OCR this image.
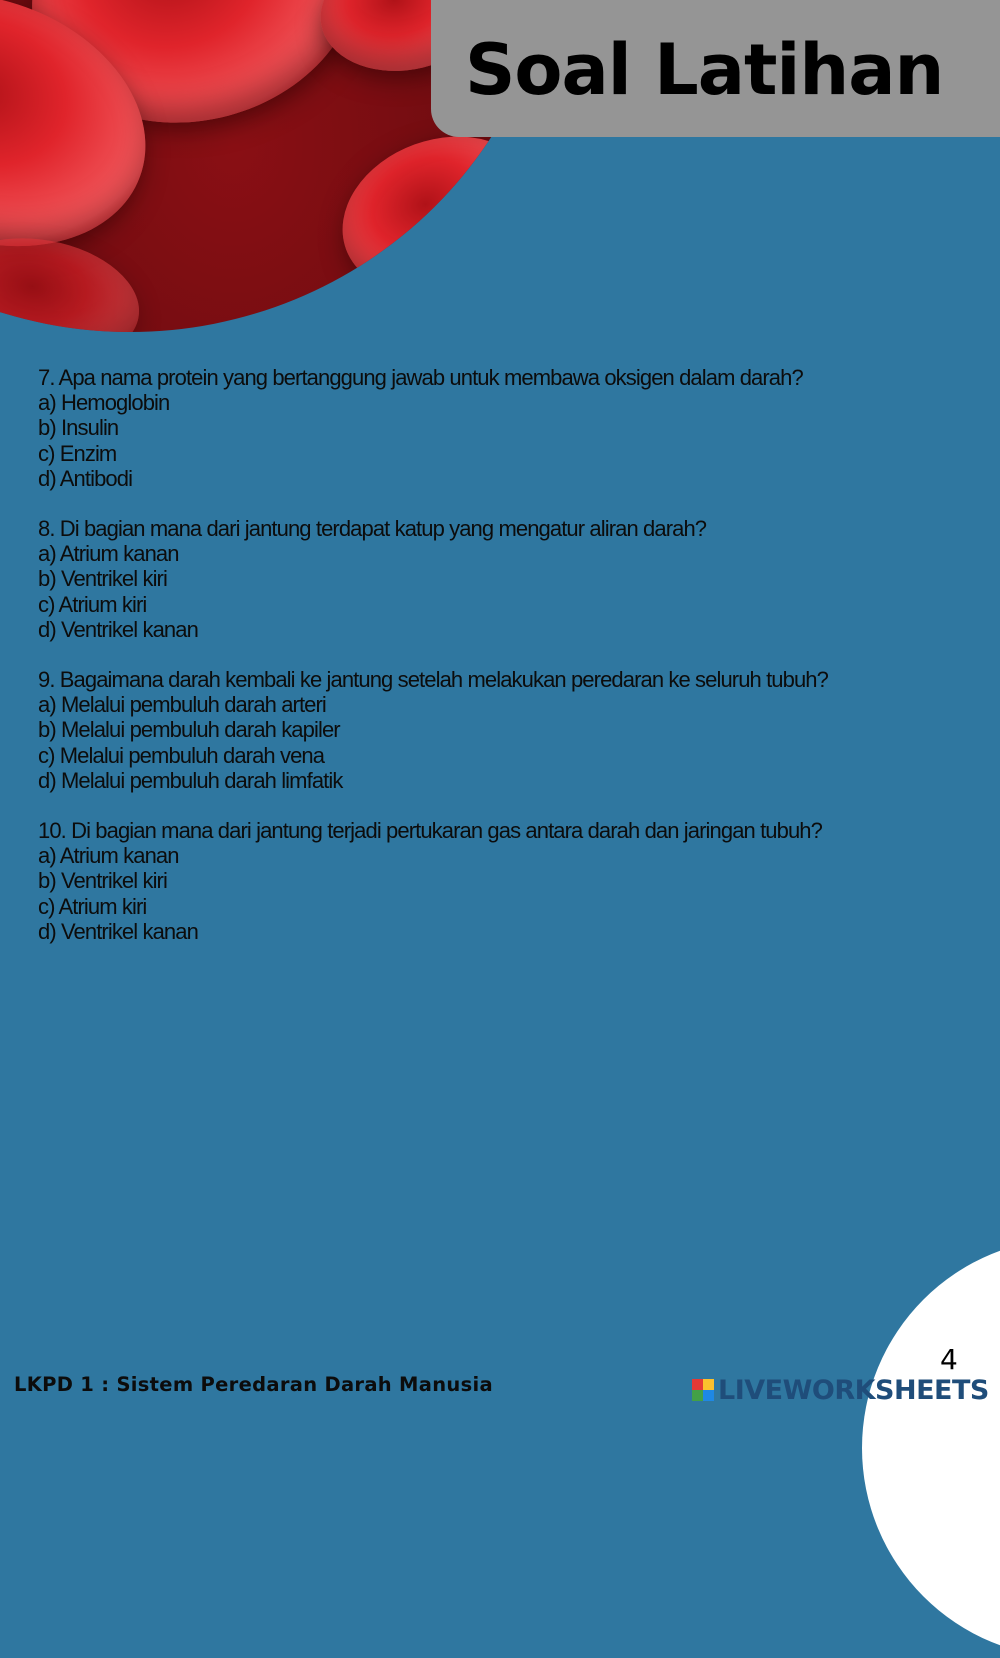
Soal Latihan
7. Apa nama protein yang bertanggung jawab untuk membawa oksigen dalam darah?
a) Hemoglobin
b) Insulin
c) Enzim
d) Antibodi
8. Di bagian mana dari jantung terdapat katup yang mengatur aliran darah?
a) Atrium kanan
b) Ventrikel kiri
c) Atrium kiri
d) Ventrikel kanan
9. Bagaimana darah kembali ke jantung setelah melakukan peredaran ke seluruh tubuh?
a) Melalui pembuluh darah arteri
b) Melalui pembuluh darah kapiler
c) Melalui pembuluh darah vena
d) Melalui pembuluh darah limfatik
10. Di bagian mana dari jantung terjadi pertukaran gas antara darah dan jaringan tubuh?
a) Atrium kanan
b) Ventrikel kiri
c) Atrium kiri
d) Ventrikel kanan
4
LKPD 1 : Sistem Peredaran Darah Manusia	LIVEWORKSHEETS
